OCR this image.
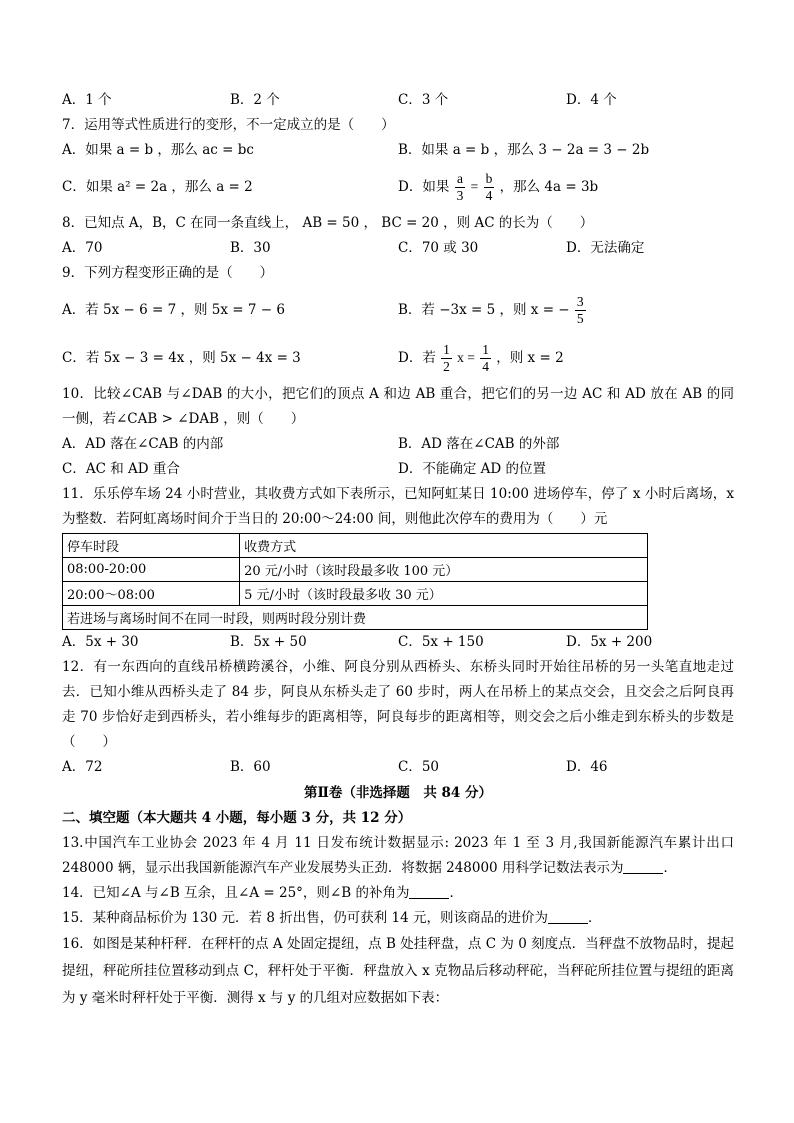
A．1 个	B．2 个	C．3 个	D．4 个
7．运用等式性质进行的变形，不一定成立的是（　　）
A．如果 a = b ，那么 ac = bc	B．如果 a = b ，那么 3 − 2a = 3 − 2b
C．如果 a² = 2a ，那么 a = 2	D．如果 $\frac{a}{3} = \frac{b}{4}$ ，那么 4a = 3b
8．已知点 A，B，C 在同一条直线上， AB = 50 ， BC = 20 ，则 AC 的长为（　　）
A．70	B．30	C．70 或 30	D．无法确定
9．下列方程变形正确的是（　　）
A．若 5x − 6 = 7 ，则 5x = 7 − 6	B．若 −3x = 5 ，则 x = − $\frac{3}{5}$
C．若 5x − 3 = 4x ，则 5x − 4x = 3	D．若 $\frac{1}{2}$ $x = \frac{1}{4}$ ，则 x = 2
10．比较∠CAB 与∠DAB 的大小，把它们的顶点 A 和边 AB 重合，把它们的另一边 AC 和 AD 放在 AB 的同一侧，若∠CAB > ∠DAB ，则（　　）
A．AD 落在∠CAB 的内部	B．AD 落在∠CAB 的外部
C．AC 和 AD 重合	D．不能确定 AD 的位置
11．乐乐停车场 24 小时营业，其收费方式如下表所示，已知阿虹某日 10:00 进场停车，停了 x 小时后离场，x 为整数．若阿虹离场时间介于当日的 20:00～24:00 间，则他此次停车的费用为（　　）元
停车时段	收费方式
08:00-20:00	20 元/小时（该时段最多收 100 元）
20:00～08:00	5 元/小时（该时段最多收 30 元）
若进场与离场时间不在同一时段，则两时段分别计费	
A．5x + 30	B．5x + 50	C．5x + 150	D．5x + 200
12．有一东西向的直线吊桥横跨溪谷，小维、阿良分别从西桥头、东桥头同时开始往吊桥的另一头笔直地走过去．已知小维从西桥头走了 84 步，阿良从东桥头走了 60 步时，两人在吊桥上的某点交会，且交会之后阿良再走 70 步恰好走到西桥头，若小维每步的距离相等，阿良每步的距离相等，则交会之后小维走到东桥头的步数是（　　）
A．72	B．60	C．50	D．46
第Ⅱ卷（非选择题　共 84 分）
二、填空题（本大题共 4 小题，每小题 3 分，共 12 分）
13.中国汽车工业协会 2023 年 4 月 11 日发布统计数据显示: 2023 年 1 至 3 月,我国新能源汽车累计出口 248000 辆，显示出我国新能源汽车产业发展势头正劲．将数据 248000 用科学记数法表示为	．
14．已知∠A 与∠B 互余，且∠A = 25°，则∠B 的补角为	．
15．某种商品标价为 130 元．若 8 折出售，仍可获利 14 元，则该商品的进价为	．
16．如图是某种杆秤．在秤杆的点 A 处固定提纽，点 B 处挂秤盘，点 C 为 0 刻度点．当秤盘不放物品时，提起提纽，秤砣所挂位置移动到点 C，秤杆处于平衡．秤盘放入 x 克物品后移动秤砣，当秤砣所挂位置与提纽的距离为 y 毫米时秤杆处于平衡．测得 x 与 y 的几组对应数据如下表：
